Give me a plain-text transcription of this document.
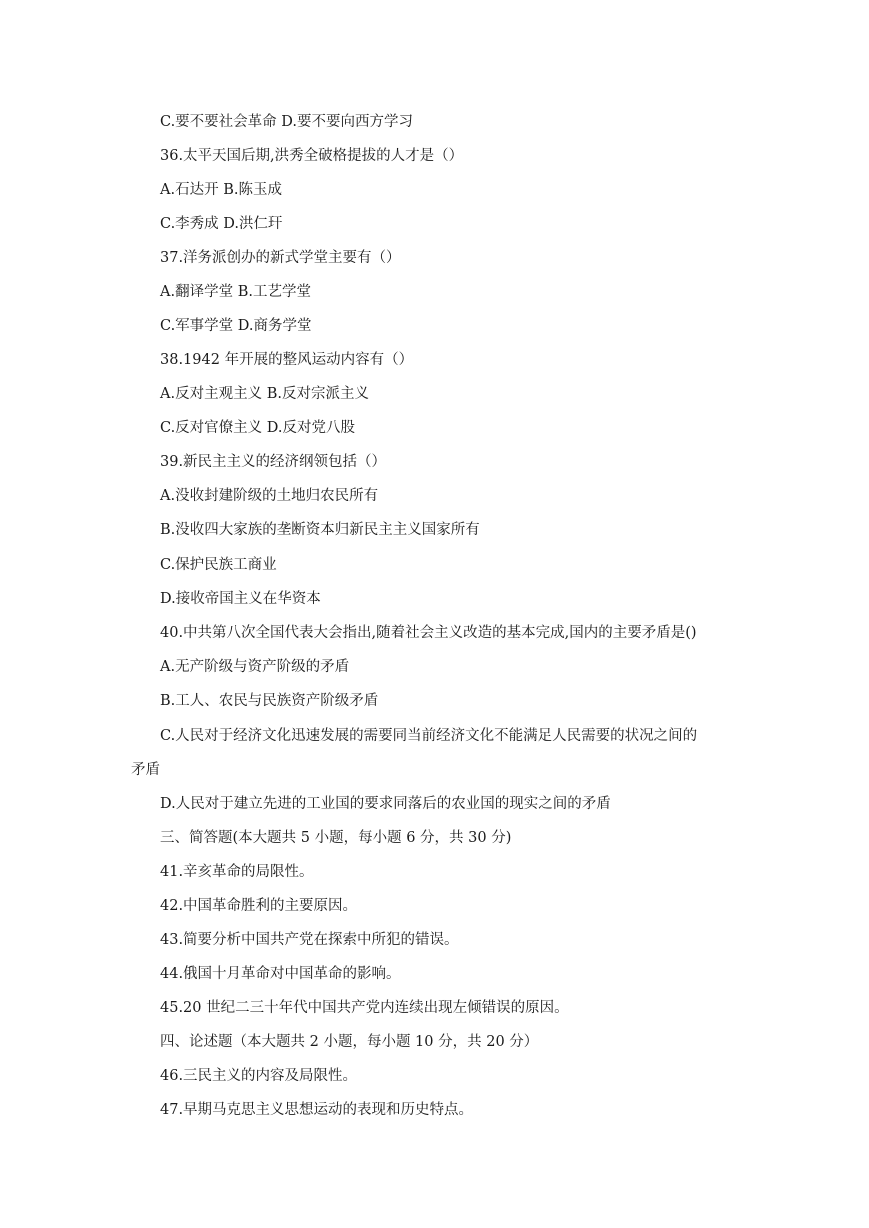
C.要不要社会革命 D.要不要向西方学习
36.太平天国后期,洪秀全破格提拔的人才是（）
A.石达开 B.陈玉成
C.李秀成 D.洪仁玕
37.洋务派创办的新式学堂主要有（）
A.翻译学堂 B.工艺学堂
C.军事学堂 D.商务学堂
38.1942 年开展的整风运动内容有（）
A.反对主观主义 B.反对宗派主义
C.反对官僚主义 D.反对党八股
39.新民主主义的经济纲领包括（）
A.没收封建阶级的土地归农民所有
B.没收四大家族的垄断资本归新民主主义国家所有
C.保护民族工商业
D.接收帝国主义在华资本
40.中共第八次全国代表大会指出,随着社会主义改造的基本完成,国内的主要矛盾是()
A.无产阶级与资产阶级的矛盾
B.工人、农民与民族资产阶级矛盾
C.人民对于经济文化迅速发展的需要同当前经济文化不能满足人民需要的状况之间的
矛盾
D.人民对于建立先进的工业国的要求同落后的农业国的现实之间的矛盾
三、简答题(本大题共 5 小题，每小题 6 分，共 30 分)
41.辛亥革命的局限性。
42.中国革命胜利的主要原因。
43.简要分析中国共产党在探索中所犯的错误。
44.俄国十月革命对中国革命的影响。
45.20 世纪二三十年代中国共产党内连续出现左倾错误的原因。
四、论述题（本大题共 2 小题，每小题 10 分，共 20 分）
46.三民主义的内容及局限性。
47.早期马克思主义思想运动的表现和历史特点。
